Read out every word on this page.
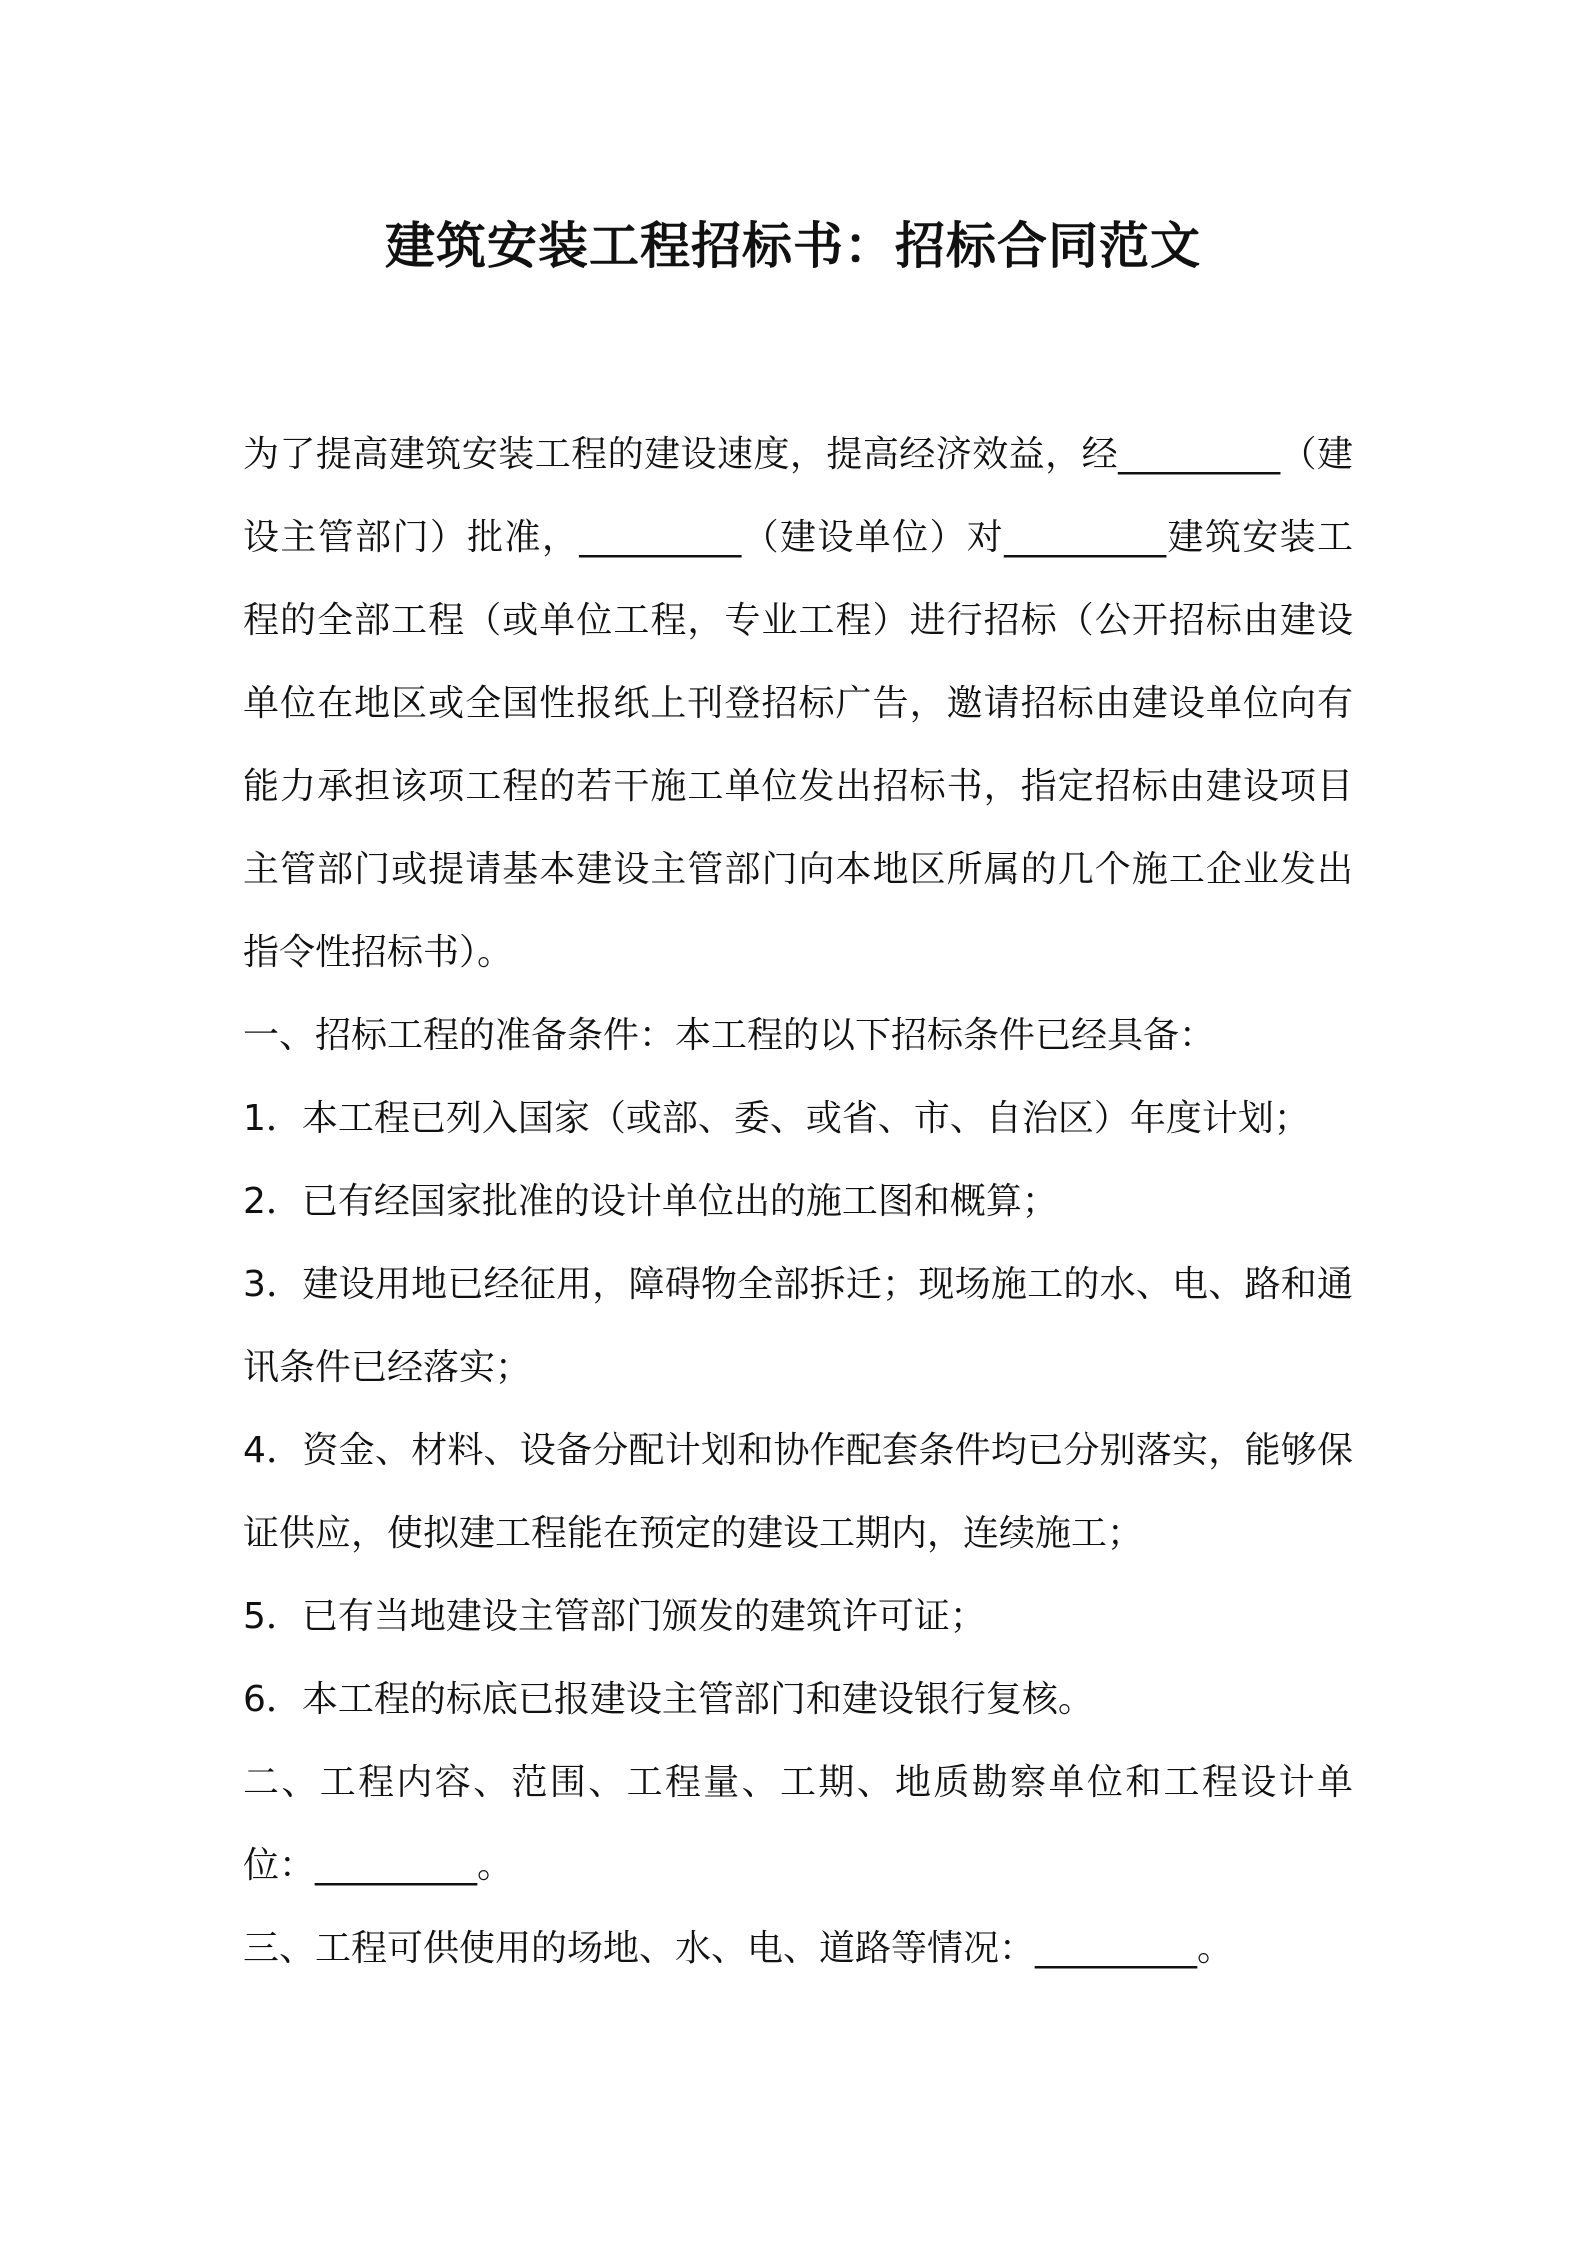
建筑安装工程招标书：招标合同范文

为了提高建筑安装工程的建设速度，提高经济效益，经_________（建设主管部门）批准，_________（建设单位）对_________建筑安装工程的全部工程（或单位工程，专业工程）进行招标（公开招标由建设单位在地区或全国性报纸上刊登招标广告，邀请招标由建设单位向有能力承担该项工程的若干施工单位发出招标书，指定招标由建设项目主管部门或提请基本建设主管部门向本地区所属的几个施工企业发出指令性招标书）。

一、招标工程的准备条件：本工程的以下招标条件已经具备：

1．本工程已列入国家（或部、委、或省、市、自治区）年度计划；

2．已有经国家批准的设计单位出的施工图和概算；

3．建设用地已经征用，障碍物全部拆迁；现场施工的水、电、路和通讯条件已经落实；

4．资金、材料、设备分配计划和协作配套条件均已分别落实，能够保证供应，使拟建工程能在预定的建设工期内，连续施工；

5．已有当地建设主管部门颁发的建筑许可证；

6．本工程的标底已报建设主管部门和建设银行复核。

二、工程内容、范围、工程量、工期、地质勘察单位和工程设计单位：_________。

三、工程可供使用的场地、水、电、道路等情况：_________。
